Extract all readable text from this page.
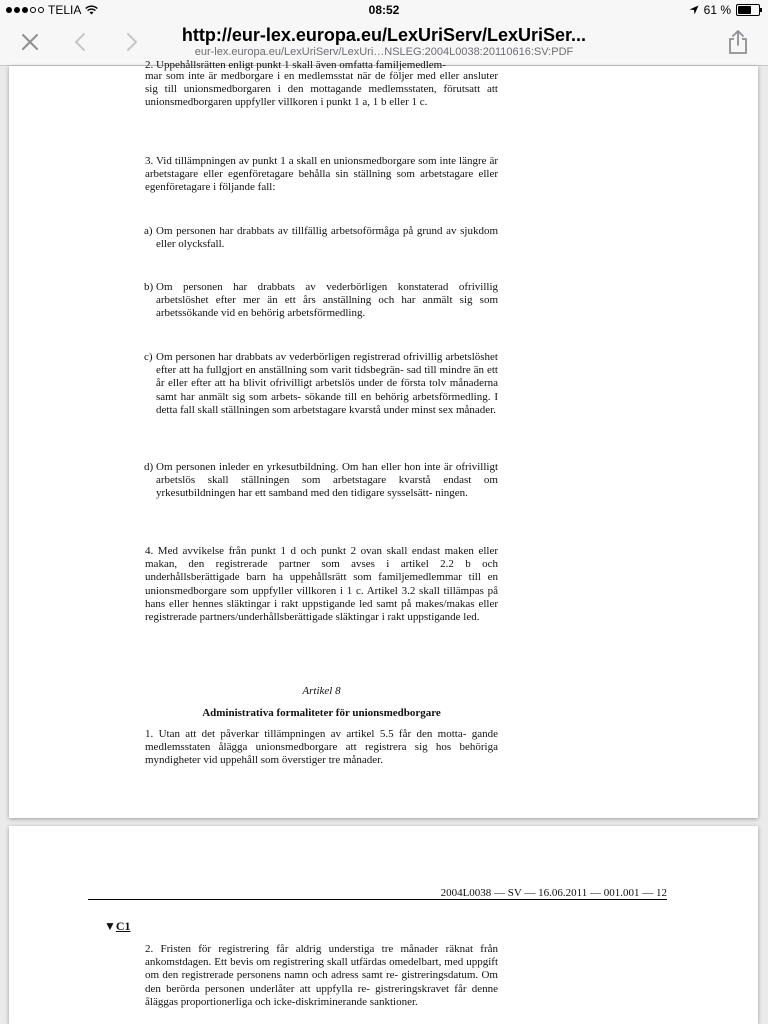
TELIA	08:52	61 %
http://eur-lex.europa.eu/LexUriServ/LexUriSer...
eur-lex.europa.eu/LexUriServ/LexUri…NSLEG:2004L0038:20110616:SV:PDF
2. Uppehållsrätten enligt punkt 1 skall även omfatta familjemedlem-
mar som inte är medborgare i en medlemsstat när de följer med eller ansluter sig till unionsmedborgaren i den mottagande medlemsstaten, förutsatt att unionsmedborgaren uppfyller villkoren i punkt 1 a, 1 b eller 1 c.
3. Vid tillämpningen av punkt 1 a skall en unionsmedborgare som inte längre är arbetstagare eller egenföretagare behålla sin ställning som arbetstagare eller egenföretagare i följande fall:
a) Om personen har drabbats av tillfällig arbetsoförmåga på grund av sjukdom eller olycksfall.

b) Om personen har drabbats av vederbörligen konstaterad ofrivillig arbetslöshet efter mer än ett års anställning och har anmält sig som arbetssökande vid en behörig arbetsförmedling.

c) Om personen har drabbats av vederbörligen registrerad ofrivillig arbetslöshet efter att ha fullgjort en anställning som varit tidsbegrän- sad till mindre än ett år eller efter att ha blivit ofrivilligt arbetslös under de första tolv månaderna samt har anmält sig som arbets- sökande till en behörig arbetsförmedling. I detta fall skall ställningen som arbetstagare kvarstå under minst sex månader.

d) Om personen inleder en yrkesutbildning. Om han eller hon inte är ofrivilligt arbetslös skall ställningen som arbetstagare kvarstå endast om yrkesutbildningen har ett samband med den tidigare sysselsätt- ningen.

4. Med avvikelse från punkt 1 d och punkt 2 ovan skall endast maken eller makan, den registrerade partner som avses i artikel 2.2 b och underhållsberättigade barn ha uppehållsrätt som familjemedlemmar till en unionsmedborgare som uppfyller villkoren i 1 c. Artikel 3.2 skall tillämpas på hans eller hennes släktingar i rakt uppstigande led samt på makes/makas eller registrerade partners/underhållsberättigade släktingar i rakt uppstigande led.
Artikel 8
Administrativa formaliteter för unionsmedborgare
1. Utan att det påverkar tillämpningen av artikel 5.5 får den motta- gande medlemsstaten ålägga unionsmedborgare att registrera sig hos behöriga myndigheter vid uppehåll som överstiger tre månader.
2004L0038 — SV — 16.06.2011 — 001.001 — 12
▼C1
2. Fristen för registrering får aldrig understiga tre månader räknat från ankomstdagen. Ett bevis om registrering skall utfärdas omedelbart, med uppgift om den registrerade personens namn och adress samt re- gistreringsdatum. Om den berörda personen underlåter att uppfylla re- gistreringskravet får denne åläggas proportionerliga och icke-diskriminerande sanktioner.
